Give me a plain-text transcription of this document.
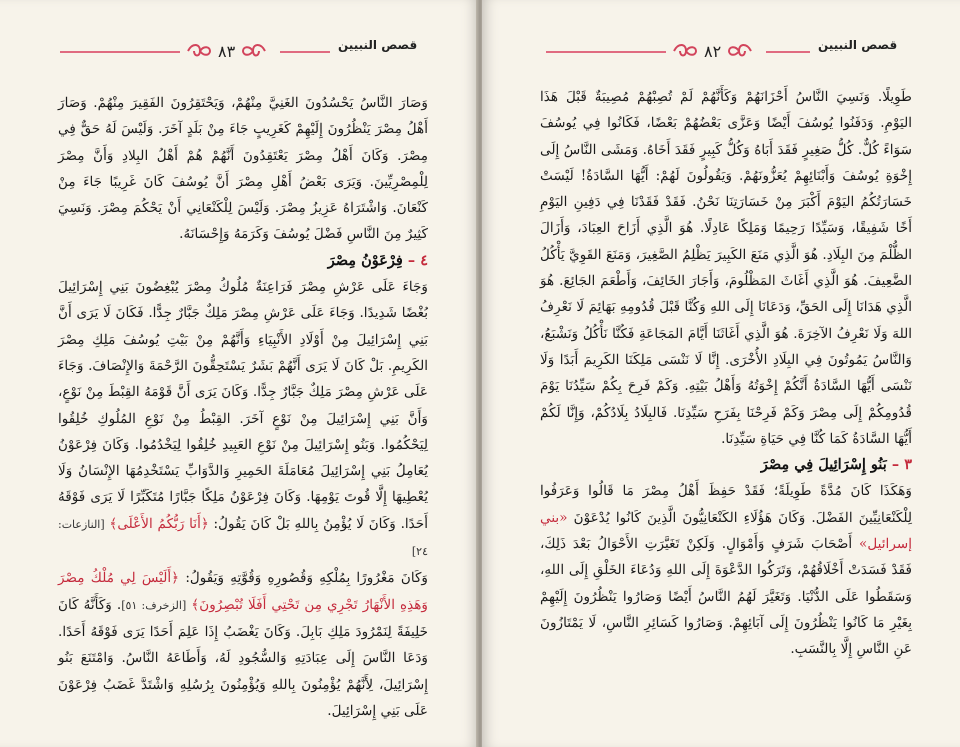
٨٣	قصص النبيين

وَصَارَ النَّاسُ يَحْسُدُونَ الغَنِيَّ مِنْهُمْ، وَيَحْتَقِرُونَ الفَقِيرَ مِنْهُمْ. وَصَارَ أَهْلُ مِصْرَ يَنْظُرُونَ إِلَيْهِمْ كَغَرِيبٍ جَاءَ مِنْ بَلَدٍ آخَرَ. وَلَيْسَ لَهُ حَقٌّ فِي مِصْرَ. وَكَانَ أَهْلُ مِصْرَ يَعْتَقِدُونَ أَنَّهُمْ هُمْ أَهْلُ البِلادِ وَأَنَّ مِصْرَ لِلْمِصْرِيِّينَ. وَيَرَى بَعْضُ أَهْلِ مِصْرَ أَنَّ يُوسُفَ كَانَ غَرِيبًا جَاءَ مِنْ كَنْعَانَ. وَاشْتَرَاهُ عَزِيزُ مِصْرَ. وَلَيْسَ لِلْكَنْعَانِي أَنْ يَحْكُمَ مِصْرَ. وَنَسِيَ كَثِيرٌ مِنَ النَّاسِ فَضْلَ يُوسُفَ وَكَرَمَهُ وَإِحْسَانَهُ.

٤ – فِرْعَوْنُ مِصْرَ

وَجَاءَ عَلَى عَرْشِ مِصْرَ فَرَاعِنَةٌ مُلُوكُ مِصْرَ يُبْغِضُونَ بَنِي إِسْرَائِيلَ بُغْضًا شَدِيدًا. وَجَاءَ عَلَى عَرْشِ مِصْرَ مَلِكٌ جَبَّارٌ جِدًّا. فَكَانَ لَا يَرَى أَنَّ بَنِي إِسْرَائِيلَ مِنْ أَوْلَادِ الأَنْبِيَاءِ وَأَنَّهُمْ مِنْ بَيْتِ يُوسُفَ مَلِكِ مِصْرَ الكَرِيمِ. بَلْ كَانَ لَا يَرَى أَنَّهُمْ بَشَرٌ يَسْتَحِقُّونَ الرَّحْمَةَ وَالإِنْصَافَ. وَجَاءَ عَلَى عَرْشِ مِصْرَ مَلِكٌ جَبَّارٌ جِدًّا. وَكَانَ يَرَى أَنَّ قَوْمَهُ القِبْطَ مِنْ نَوْعٍ، وَأَنَّ بَنِي إِسْرَائِيلَ مِنْ نَوْعٍ آخَرَ. القِبْطُ مِنْ نَوْعِ المُلُوكِ خُلِقُوا لِيَحْكُمُوا. وَبَنُو إِسْرَائِيلَ مِنْ نَوْعِ العَبِيدِ خُلِقُوا لِيَخْدُمُوا. وَكَانَ فِرْعَوْنُ يُعَامِلُ بَنِي إِسْرَائِيلَ مُعَامَلَةَ الحَمِيرِ وَالدَّوَابِّ يَسْتَخْدِمُهَا الإِنْسَانُ وَلَا يُعْطِيهَا إِلَّا قُوتَ يَوْمِهَا. وَكَانَ فِرْعَوْنُ مَلِكًا جَبَّارًا مُتَكَبِّرًا لَا يَرَى فَوْقَهُ أَحَدًا. وَكَانَ لَا يُؤْمِنُ بِاللهِ بَلْ كَانَ يَقُولُ: ﴿أَنَا رَبُّكُمُ الأَعْلَى﴾ [النازعات: ٢٤]

وَكَانَ مَغْرُورًا بِمُلْكِهِ وَقُصُورِهِ وَقُوَّتِهِ وَيَقُولُ: ﴿أَلَيْسَ لِي مُلْكُ مِصْرَ وَهَذِهِ الأَنْهَارُ تَجْرِي مِن تَحْتِي أَفَلَا تُبْصِرُونَ﴾ [الزخرف: ٥١]. وَكَأَنَّهُ كَانَ خَلِيفَةً لِنَمْرُودَ مَلِكِ بَابِلَ. وَكَانَ يَغْضَبُ إِذَا عَلِمَ أَحَدًا يَرَى فَوْقَهُ أَحَدًا. وَدَعَا النَّاسَ إِلَى عِبَادَتِهِ وَالسُّجُودِ لَهُ، وَأَطَاعَهُ النَّاسُ. وَامْتَنَعَ بَنُو إِسْرَائِيلَ، لِأَنَّهُمْ يُؤْمِنُونَ بِاللهِ وَيُؤْمِنُونَ بِرُسُلِهِ وَاشْتَدَّ غَضَبُ فِرْعَوْنَ عَلَى بَنِي إِسْرَائِيلَ.

٨٢	قصص النبيين

طَوِيلًا. وَنَسِيَ النَّاسُ أَحْزَانَهُمْ وَكَأَنَّهُمْ لَمْ تُصِبْهُمْ مُصِيبَةٌ قَبْلَ هَذَا اليَوْمِ. وَدَفَنُوا يُوسُفَ أَيْضًا وَعَزَّى بَعْضُهُمْ بَعْضًا، فَكَانُوا فِي يُوسُفَ سَوَاءً كُلٌّ. كُلُّ صَغِيرٍ فَقَدَ أَبَاهُ وَكُلُّ كَبِيرٍ فَقَدَ أَخَاهُ. وَمَشَى النَّاسُ إِلَى إِخْوَةِ يُوسُفَ وَأَبْنَائِهِمْ يُعَزُّونَهُمْ. وَيَقُولُونَ لَهُمْ: أَيُّهَا السَّادَةُ! لَيْسَتْ خَسَارَتُكُمُ اليَوْمَ أَكْبَرَ مِنْ خَسَارَتِنَا نَحْنُ. فَقَدْ فَقَدْنَا فِي دَفِينِ اليَوْمِ أَخًا شَفِيقًا، وَسَيِّدًا رَحِيمًا وَمَلِكًا عَادِلًا. هُوَ الَّذِي أَزَاحَ العِبَادَ، وَأَزَالَ الظُّلْمَ مِنَ البِلَادِ. هُوَ الَّذِي مَنَعَ الكَبِيرَ يَظْلِمُ الصَّغِيرَ، وَمَنَعَ القَوِيَّ يَأْكُلُ الضَّعِيفَ. هُوَ الَّذِي أَغَاثَ المَظْلُومَ، وَأَجَارَ الخَائِفَ، وَأَطْعَمَ الجَائِعَ. هُوَ الَّذِي هَدَانَا إِلَى الحَقِّ، وَدَعَانَا إِلَى اللهِ وَكُنَّا قَبْلَ قُدُومِهِ بَهَائِمَ لَا نَعْرِفُ اللهَ وَلَا نَعْرِفُ الآخِرَةَ. هُوَ الَّذِي أَغَاثَنَا أَيَّامَ المَجَاعَةِ فَكُنَّا نَأْكُلُ وَنَشْبَعُ، وَالنَّاسُ يَمُوتُونَ فِي البِلَادِ الأُخْرَى. إِنَّا لَا نَنْسَى مَلِكَنَا الكَرِيمَ أَبَدًا وَلَا نَنْسَى أَيُّهَا السَّادَةُ أَنَّكُمْ إِخْوَتُهُ وَأَهْلُ بَيْتِهِ. وَكَمْ فَرِحَ بِكُمْ سَيِّدُنَا يَوْمَ قُدُومِكُمْ إِلَى مِصْرَ وَكَمْ فَرِحْنَا بِفَرَحِ سَيِّدِنَا. فَالبِلَادُ بِلَادُكُمْ، وَإِنَّا لَكُمْ أَيُّهَا السَّادَةُ كَمَا كُنَّا فِي حَيَاةِ سَيِّدِنَا.

٣ – بَنُو إِسْرَائِيلَ فِي مِصْرَ

وَهَكَذَا كَانَ مُدَّةً طَوِيلَةً؛ فَقَدْ حَفِظَ أَهْلُ مِصْرَ مَا قَالُوا وَعَرَفُوا لِلْكَنْعَانِيِّينَ الفَضْلَ. وَكَانَ هَؤُلَاءِ الكَنْعَانِيُّونَ الَّذِينَ كَانُوا يُدْعَوْنَ «بني إسرائيل» أَصْحَابَ شَرَفٍ وَأَمْوَالٍ. وَلَكِنْ تَغَيَّرَتِ الأَحْوَالُ بَعْدَ ذَلِكَ، فَقَدْ فَسَدَتْ أَخْلَاقُهُمْ، وَتَرَكُوا الدَّعْوَةَ إِلَى اللهِ وَدُعَاءَ الخَلْقِ إِلَى اللهِ، وَسَقَطُوا عَلَى الدُّنْيَا. وَتَغَيَّرَ لَهُمُ النَّاسُ أَيْضًا وَصَارُوا يَنْظُرُونَ إِلَيْهِمْ بِغَيْرِ مَا كَانُوا يَنْظُرُونَ إِلَى آبَائِهِمْ. وَصَارُوا كَسَائِرِ النَّاسِ، لَا يَمْتَازُونَ عَنِ النَّاسِ إِلَّا بِالنَّسَبِ.
